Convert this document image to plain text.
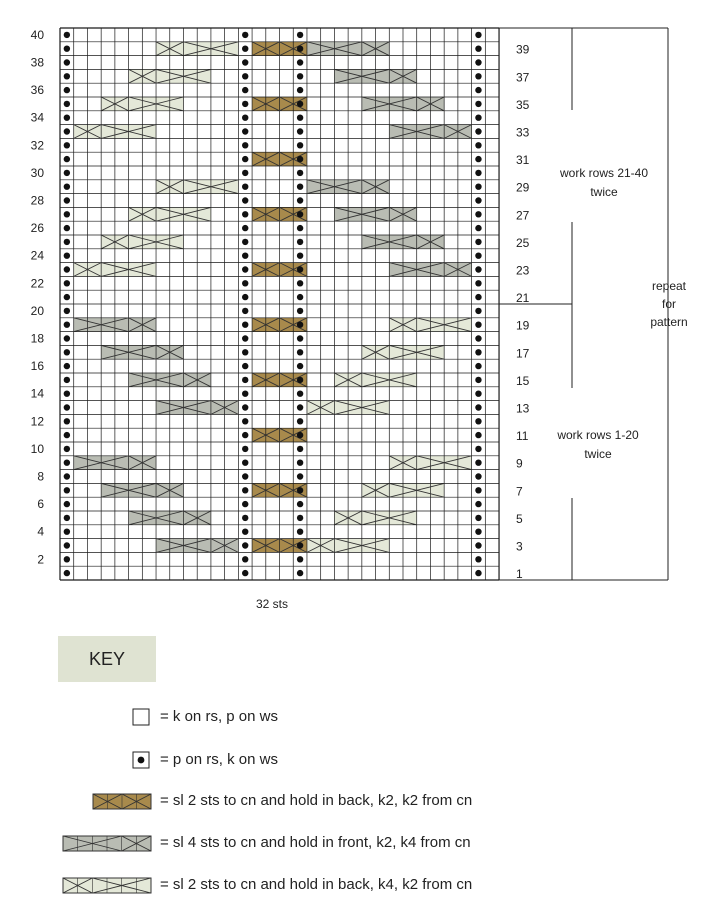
40
38
36
34
32
30
28
26
24
22
20
18
16
14
12
10
8
6
4
2
39
37
35
33
31
29
27
25
23
21
19
17
15
13
11
9
7
5
3
1
work rows 21-40
twice
work rows 1-20
twice
repeat
for
pattern
32 sts
KEY
= k on rs, p on ws
= p on rs, k on ws
= sl 2 sts to cn and hold in back, k2, k2 from cn
= sl 4 sts to cn and hold in front, k2, k4 from cn
= sl 2 sts to cn and hold in back, k4, k2 from cn
